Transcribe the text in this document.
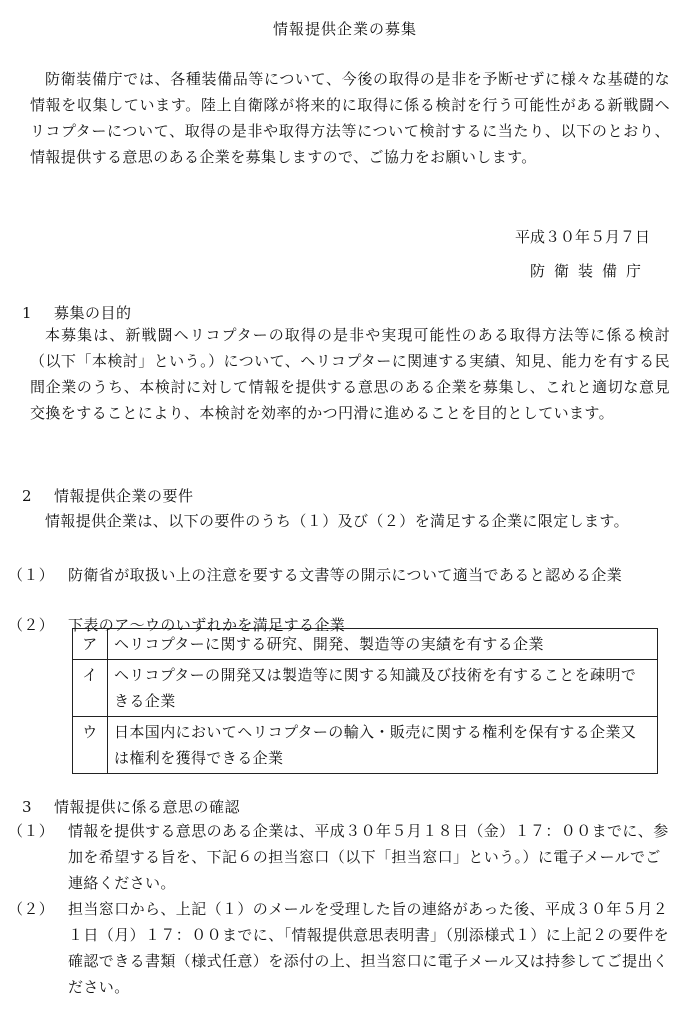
情報提供企業の募集
防衛装備庁では、各種装備品等について、今後の取得の是非を予断せずに様々な基礎的な情報を収集しています。陸上自衛隊が将来的に取得に係る検討を行う可能性がある新戦闘ヘリコプターについて、取得の是非や取得方法等について検討するに当たり、以下のとおり、情報提供する意思のある企業を募集しますので、ご協力をお願いします。
平成３０年５月７日
防衛装備庁
1 募集の目的
本募集は、新戦闘ヘリコプターの取得の是非や実現可能性のある取得方法等に係る検討（以下「本検討」という。）について、ヘリコプターに関連する実績、知見、能力を有する民間企業のうち、本検討に対して情報を提供する意思のある企業を募集し、これと適切な意見交換をすることにより、本検討を効率的かつ円滑に進めることを目的としています。
2 情報提供企業の要件
情報提供企業は、以下の要件のうち（１）及び（２）を満足する企業に限定します。
（１） 防衛省が取扱い上の注意を要する文書等の開示について適当であると認める企業
（２） 下表のア～ウのいずれかを満足する企業
ア	ヘリコプターに関する研究、開発、製造等の実績を有する企業
イ	ヘリコプターの開発又は製造等に関する知識及び技術を有することを疎明できる企業
ウ	日本国内においてヘリコプターの輸入・販売に関する権利を保有する企業又は権利を獲得できる企業
3 情報提供に係る意思の確認
（１） 情報を提供する意思のある企業は、平成３０年５月１８日（金）１７：００までに、参加を希望する旨を、下記６の担当窓口（以下「担当窓口」という。）に電子メールでご連絡ください。
（２） 担当窓口から、上記（１）のメールを受理した旨の連絡があった後、平成３０年５月２１日（月）１７：００までに、「情報提供意思表明書」（別添様式１）に上記２の要件を確認できる書類（様式任意）を添付の上、担当窓口に電子メール又は持参してご提出ください。
